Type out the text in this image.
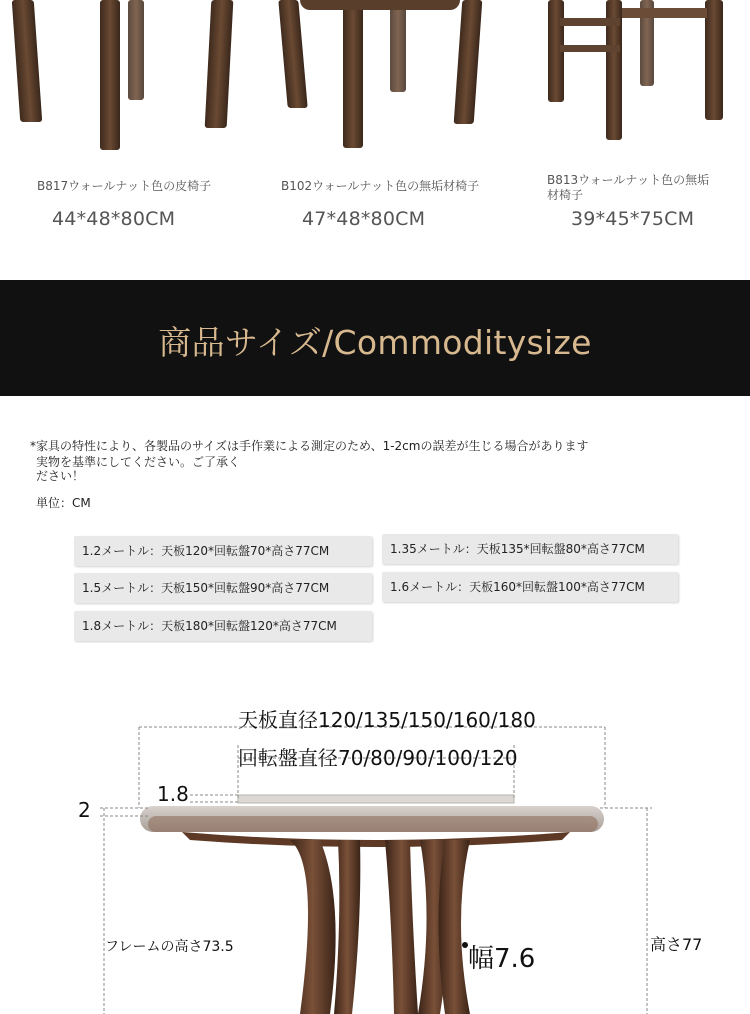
B817ウォールナット色の皮椅子
44*48*80CM
B102ウォールナット色の無垢材椅子
47*48*80CM
B813ウォールナット色の無垢
材椅子
39*45*75CM
商品サイズ/Commoditysize
*家具の特性により、各製品のサイズは手作業による測定のため、1-2cmの誤差が生じる場合があります
実物を基準にしてください。ご了承く
ださい！
単位：CM
1.2メートル：天板120*回転盤70*高さ77CM	1.35メートル：天板135*回転盤80*高さ77CM
1.5メートル：天板150*回転盤90*高さ77CM	1.6メートル：天板160*回転盤100*高さ77CM
1.8メートル：天板180*回転盤120*高さ77CM
天板直径120/135/150/160/180
回転盤直径70/80/90/100/120
1.8
2
フレームの高さ73.5	幅7.6	高さ77
